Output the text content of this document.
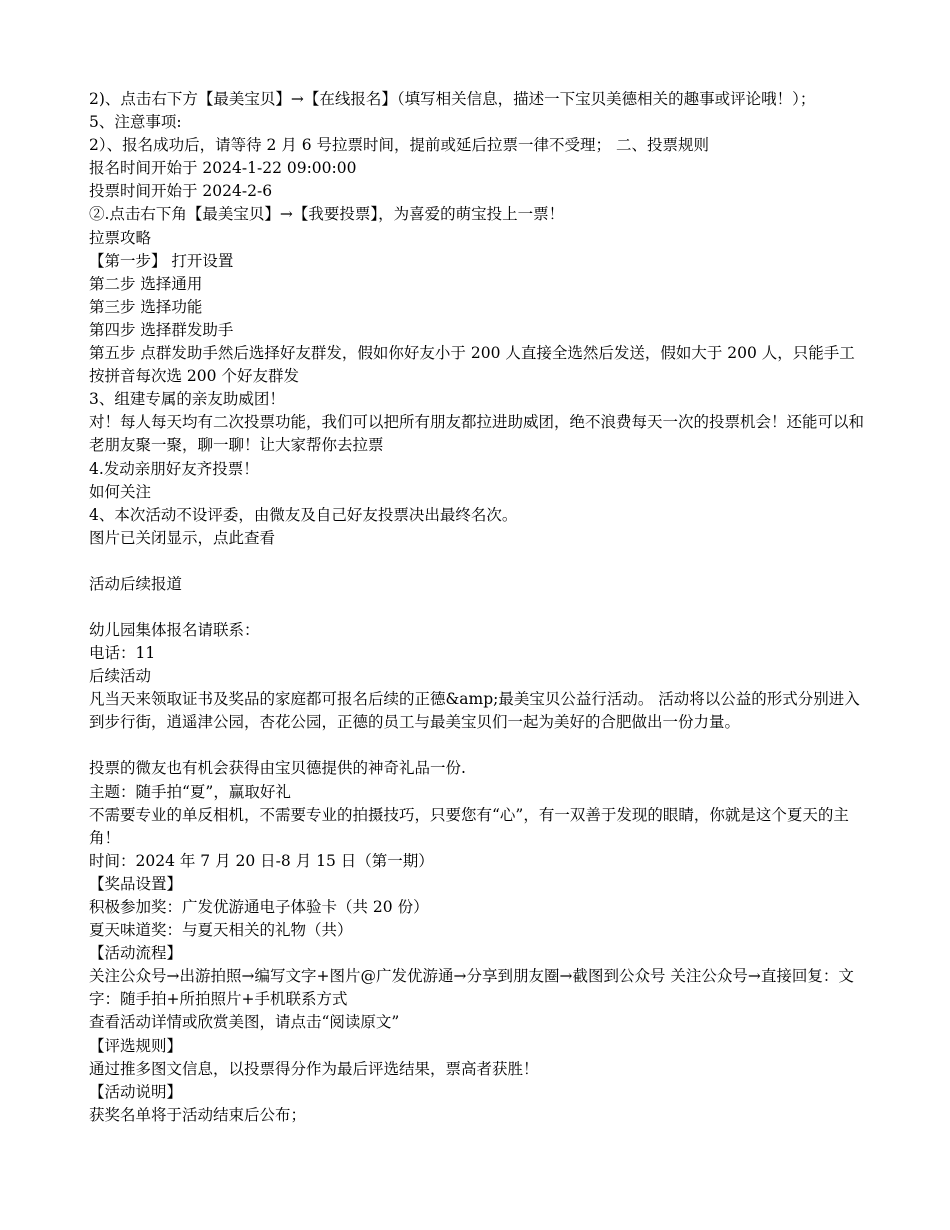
2)、点击右下方【最美宝贝】→【在线报名】（填写相关信息，描述一下宝贝美德相关的趣事或评论哦！）；
5、注意事项:
2）、报名成功后，请等待 2 月 6 号拉票时间，提前或延后拉票一律不受理； 二、投票规则
报名时间开始于 2024-1-22 09:00:00
投票时间开始于 2024-2-6
②.点击右下角【最美宝贝】→【我要投票】，为喜爱的萌宝投上一票！
拉票攻略
【第一步】 打开设置
第二步 选择通用
第三步 选择功能
第四步 选择群发助手
第五步 点群发助手然后选择好友群发，假如你好友小于 200 人直接全选然后发送，假如大于 200 人，只能手工按拼音每次选 200 个好友群发
3、组建专属的亲友助威团！
对！每人每天均有二次投票功能，我们可以把所有朋友都拉进助威团，绝不浪费每天一次的投票机会！还能可以和老朋友聚一聚，聊一聊！让大家帮你去拉票
4.发动亲朋好友齐投票！
如何关注
4、本次活动不设评委，由微友及自己好友投票决出最终名次。
图片已关闭显示，点此查看
活动后续报道
幼儿园集体报名请联系：
电话：11
后续活动
凡当天来领取证书及奖品的家庭都可报名后续的正德&amp;最美宝贝公益行活动。 活动将以公益的形式分别进入到步行街，逍遥津公园，杏花公园，正德的员工与最美宝贝们一起为美好的合肥做出一份力量。
投票的微友也有机会获得由宝贝德提供的神奇礼品一份.
主题：随手拍“夏”，赢取好礼
不需要专业的单反相机，不需要专业的拍摄技巧，只要您有“心”，有一双善于发现的眼睛，你就是这个夏天的主角！
时间：2024 年 7 月 20 日-8 月 15 日（第一期）
【奖品设置】
积极参加奖：广发优游通电子体验卡（共 20 份）
夏天味道奖：与夏天相关的礼物（共）
【活动流程】
关注公众号→出游拍照→编写文字+图片@广发优游通→分享到朋友圈→截图到公众号 关注公众号→直接回复：文字：随手拍+所拍照片+手机联系方式
查看活动详情或欣赏美图，请点击“阅读原文”
【评选规则】
通过推多图文信息，以投票得分作为最后评选结果，票高者获胜！
【活动说明】
获奖名单将于活动结束后公布；
